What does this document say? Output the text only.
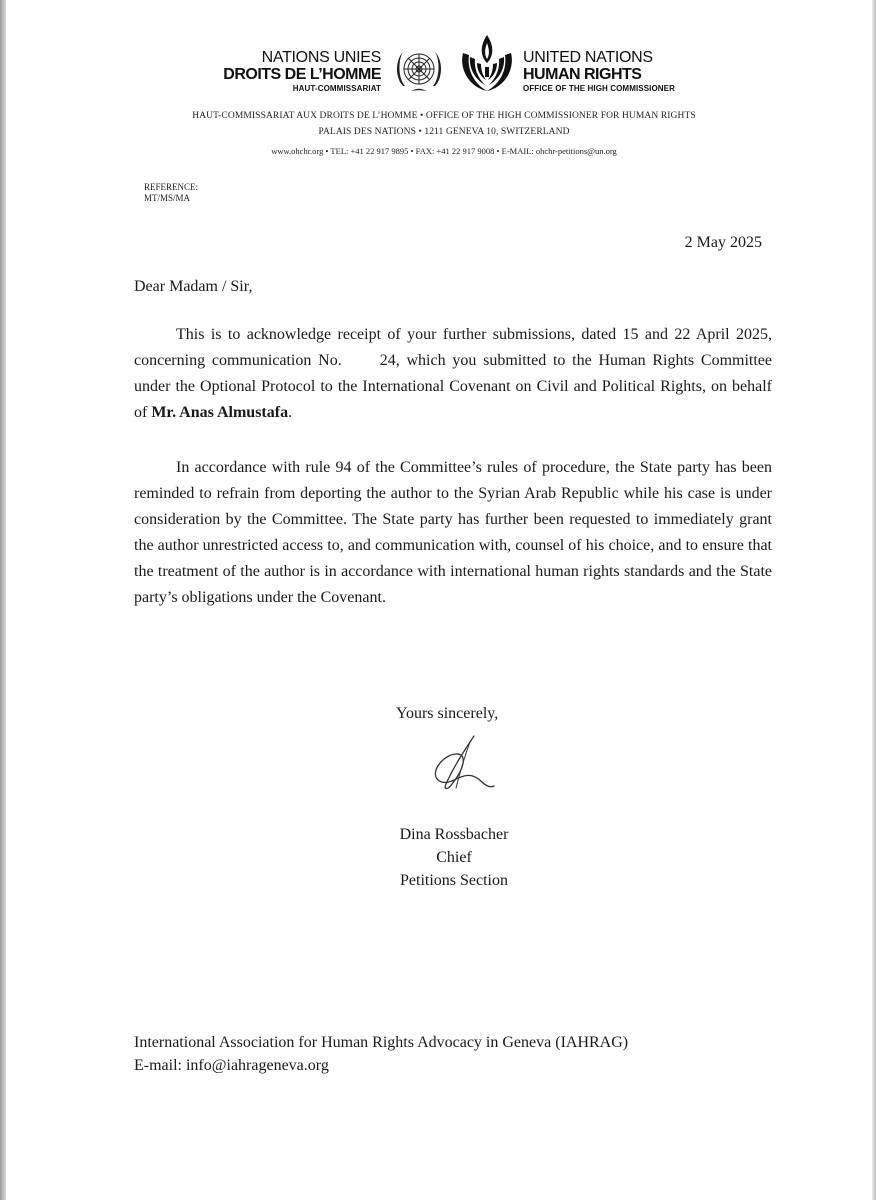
NATIONS UNIES
DROITS DE L’HOMME
HAUT-COMMISSARIAT
UNITED NATIONS
HUMAN RIGHTS
OFFICE OF THE HIGH COMMISSIONER
HAUT-COMMISSARIAT AUX DROITS DE L’HOMME • OFFICE OF THE HIGH COMMISSIONER FOR HUMAN RIGHTS
PALAIS DES NATIONS • 1211 GENEVA 10, SWITZERLAND
www.ohchr.org • TEL: +41 22 917 9895 • FAX: +41 22 917 9008 • E-MAIL: ohchr-petitions@un.org
REFERENCE:
MT/MS/MA
2 May 2025
Dear Madam / Sir,
This is to acknowledge receipt of your further submissions, dated 15 and 22 April 2025, concerning communication No. 24, which you submitted to the Human Rights Committee under the Optional Protocol to the International Covenant on Civil and Political Rights, on behalf of Mr. Anas Almustafa.
In accordance with rule 94 of the Committee’s rules of procedure, the State party has been reminded to refrain from deporting the author to the Syrian Arab Republic while his case is under consideration by the Committee. The State party has further been requested to immediately grant the author unrestricted access to, and communication with, counsel of his choice, and to ensure that the treatment of the author is in accordance with international human rights standards and the State party’s obligations under the Covenant.
Yours sincerely,
Dina Rossbacher
Chief
Petitions Section
International Association for Human Rights Advocacy in Geneva (IAHRAG)
E-mail: info@iahrageneva.org
